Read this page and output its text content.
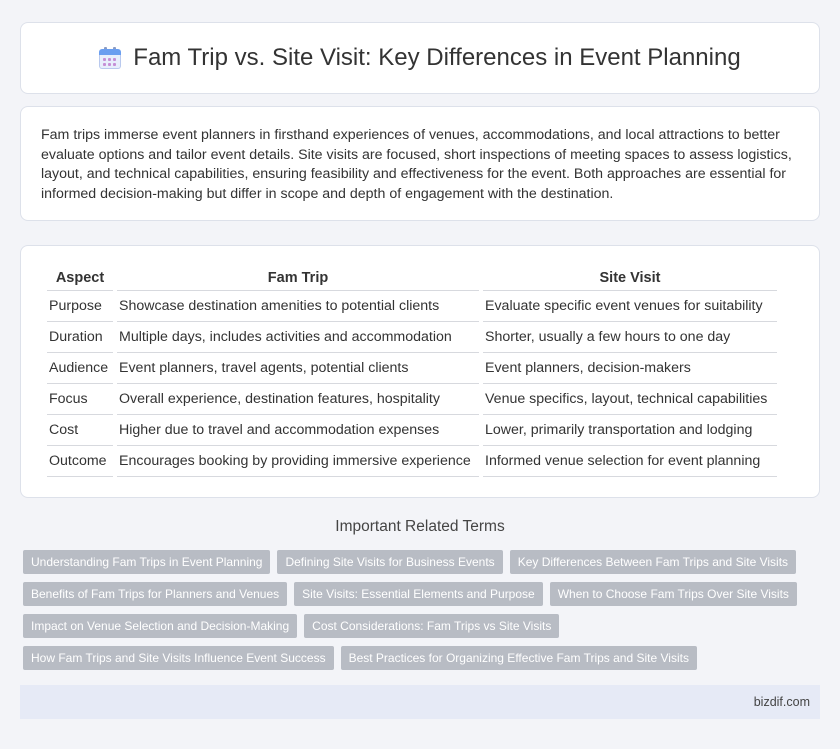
Fam Trip vs. Site Visit: Key Differences in Event Planning

Fam trips immerse event planners in firsthand experiences of venues, accommodations, and local attractions to better evaluate options and tailor event details. Site visits are focused, short inspections of meeting spaces to assess logistics, layout, and technical capabilities, ensuring feasibility and effectiveness for the event. Both approaches are essential for informed decision-making but differ in scope and depth of engagement with the destination.

Aspect	Fam Trip	Site Visit
Purpose	Showcase destination amenities to potential clients	Evaluate specific event venues for suitability
Duration	Multiple days, includes activities and accommodation	Shorter, usually a few hours to one day
Audience	Event planners, travel agents, potential clients	Event planners, decision-makers
Focus	Overall experience, destination features, hospitality	Venue specifics, layout, technical capabilities
Cost	Higher due to travel and accommodation expenses	Lower, primarily transportation and lodging
Outcome	Encourages booking by providing immersive experience	Informed venue selection for event planning
Important Related Terms
Understanding Fam Trips in Event Planning	Defining Site Visits for Business Events	Key Differences Between Fam Trips and Site Visits
Benefits of Fam Trips for Planners and Venues	Site Visits: Essential Elements and Purpose	When to Choose Fam Trips Over Site Visits
Impact on Venue Selection and Decision-Making	Cost Considerations: Fam Trips vs Site Visits
How Fam Trips and Site Visits Influence Event Success	Best Practices for Organizing Effective Fam Trips and Site Visits
bizdif.com
